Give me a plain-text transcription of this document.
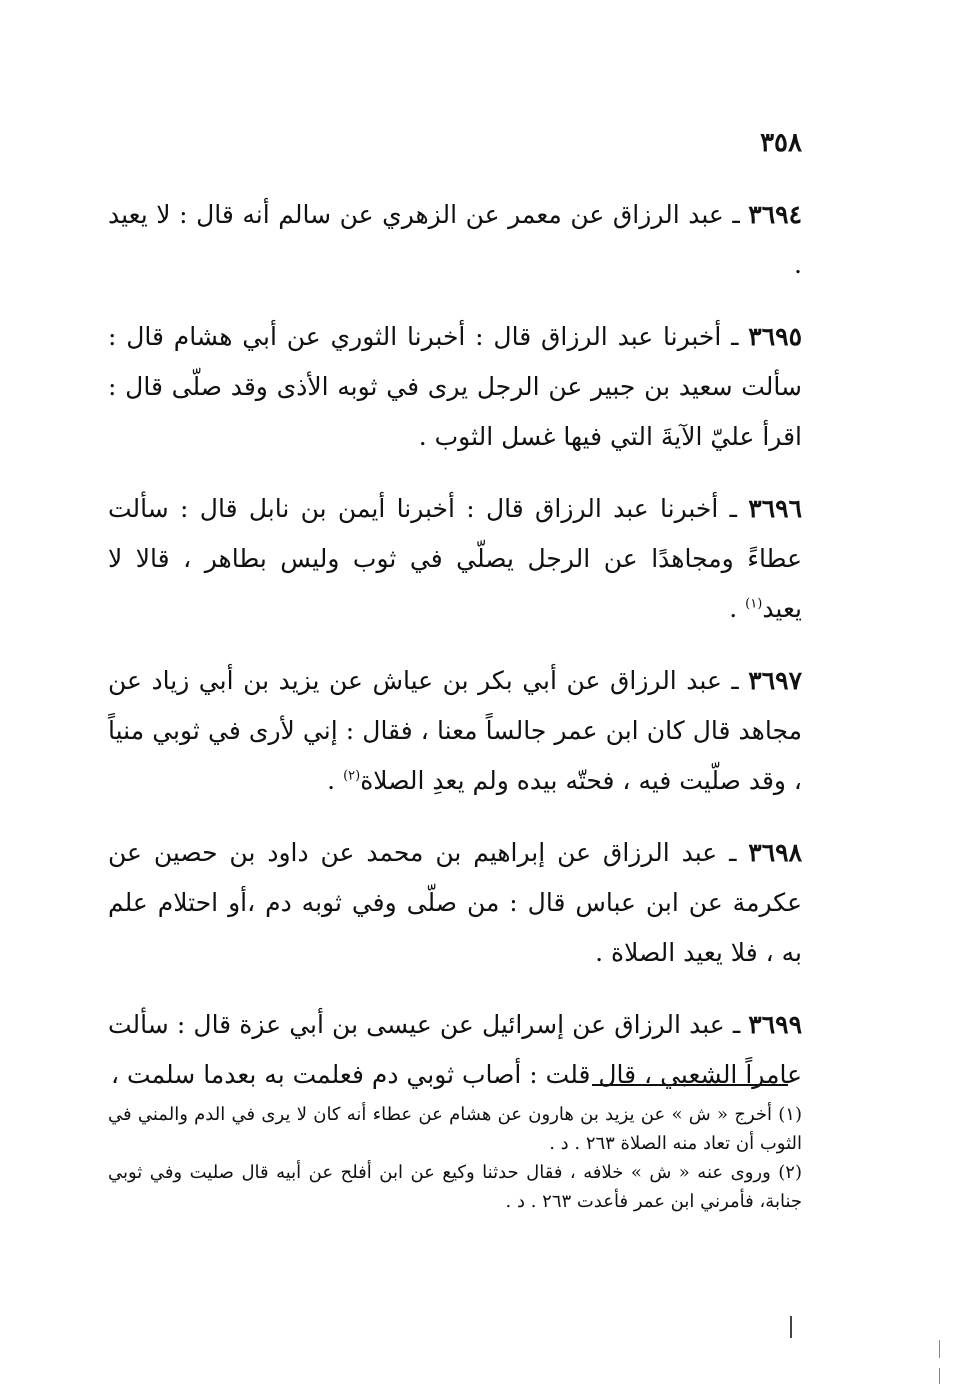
٣٥٨

٣٦٩٤ ـ عبد الرزاق عن معمر عن الزهري عن سالم أنه قال : لا يعيد .

٣٦٩٥ ـ أخبرنا عبد الرزاق قال : أخبرنا الثوري عن أبي هشام قال : سألت سعيد بن جبير عن الرجل يرى في ثوبه الأذى وقد صلّى قال : اقرأ عليّ الآيةَ التي فيها غسل الثوب .

٣٦٩٦ ـ أخبرنا عبد الرزاق قال : أخبرنا أيمن بن نابل قال : سألت عطاءً ومجاهدًا عن الرجل يصلّي في ثوب وليس بطاهر ، قالا لا يعيد$^{(١)}$ .

٣٦٩٧ ـ عبد الرزاق عن أبي بكر بن عياش عن يزيد بن أبي زياد عن مجاهد قال كان ابن عمر جالساً معنا ، فقال : إني لأرى في ثوبي منياً ، وقد صلّيت فيه ، فحتّه بيده ولم يعدِ الصلاة$^{(٢)}$ .

٣٦٩٨ ـ عبد الرزاق عن إبراهيم بن محمد عن داود بن حصين عن عكرمة عن ابن عباس قال : من صلّى وفي ثوبه دم ،أو احتلام علم به ، فلا يعيد الصلاة .

٣٦٩٩ ـ عبد الرزاق عن إسرائيل عن عيسى بن أبي عزة قال : سألت عامراً الشعبي ، قال قلت : أصاب ثوبي دم فعلمت به بعدما سلمت ،

(١) أخرج « ش » عن يزيد بن هارون عن هشام عن عطاء أنه كان لا يرى في الدم والمني في الثوب أن تعاد منه الصلاة ٢٦٣ . د .

(٢) وروى عنه « ش » خلافه ، فقال حدثنا وكيع عن ابن أفلح عن أبيه قال صليت وفي ثوبي جنابة، فأمرني ابن عمر فأعدت ٢٦٣ . د .
